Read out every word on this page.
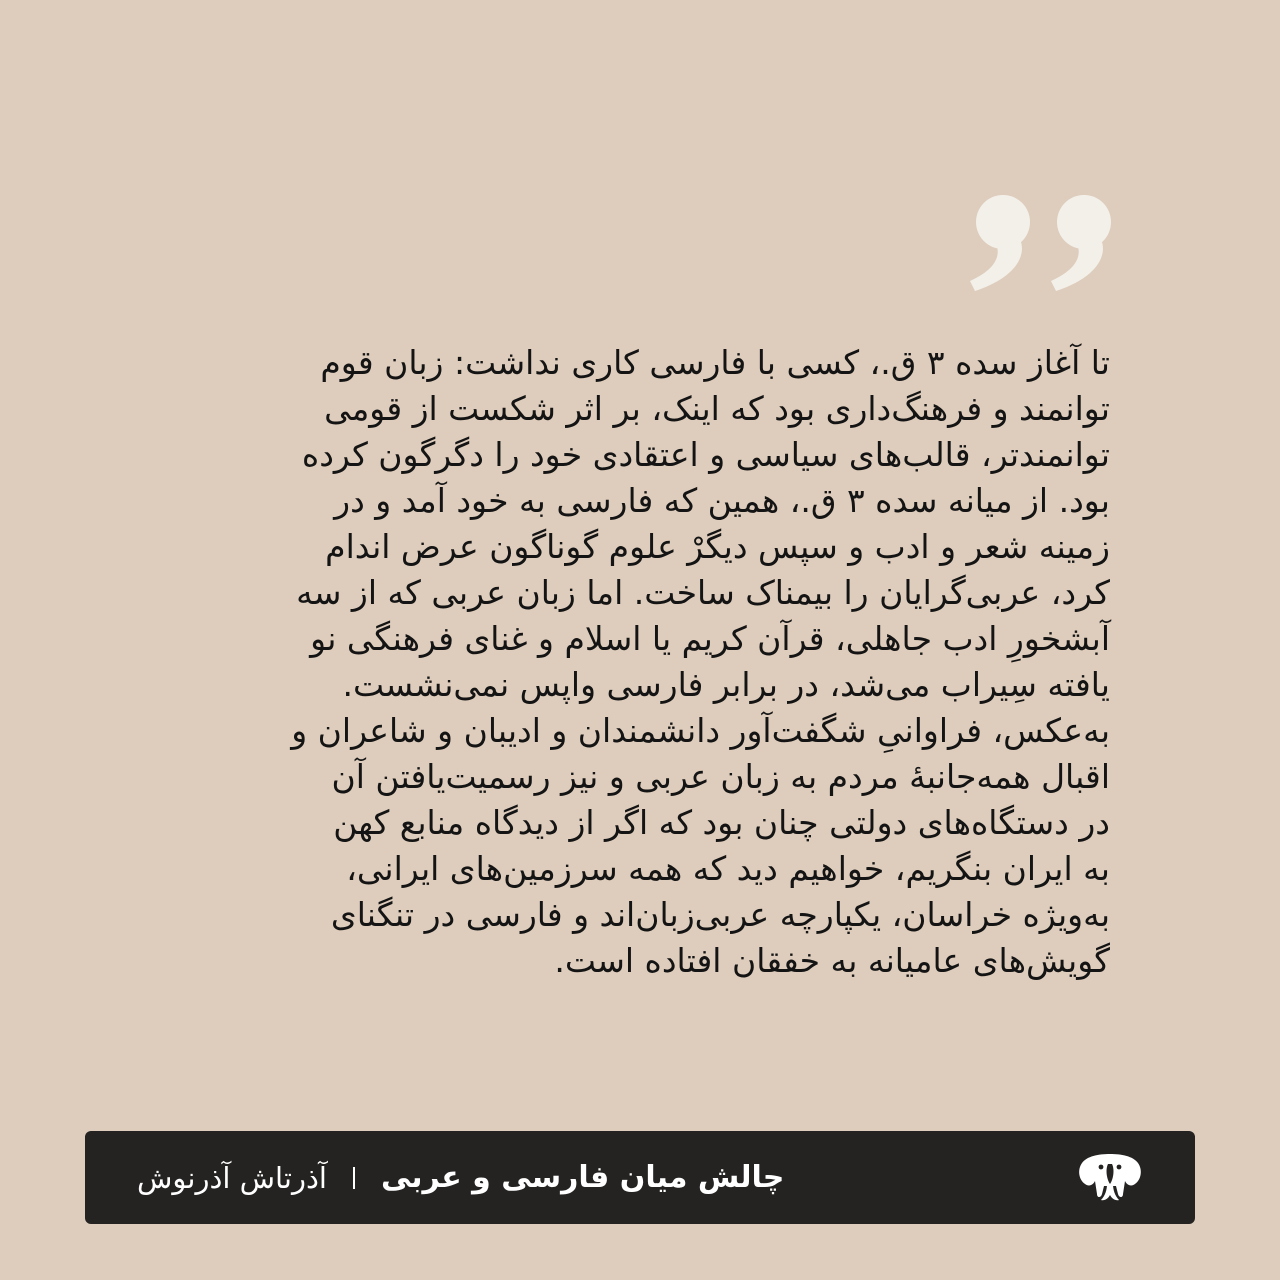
تا آغاز سده ۳ ق.، کسی با فارسی کاری نداشت: زبان قوم
توانمند و فرهنگ‌داری بود که اینک، بر اثر شکست از قومی
توانمندتر، قالب‌های سیاسی و اعتقادی خود را دگرگون کرده
بود. از میانه سده ۳ ق.، همین که فارسی به خود آمد و در
زمینه شعر و ادب و سپس دیگرْ علوم گوناگون عرض اندام
کرد، عربی‌گرایان را بیمناک ساخت. اما زبان عربی که از سه
آبشخورِ ادب جاهلی، قرآن کریم یا اسلام و غنای فرهنگی نو
یافته سِیراب می‌شد، در برابر فارسی واپس نمی‌نشست.
به‌عکس، فراوانیِ شگفت‌آور دانشمندان و ادیبان و شاعران و
اقبال همه‌جانبهٔ مردم به زبان عربی و نیز رسمیت‌یافتن آن
در دستگاه‌های دولتی چنان بود که اگر از دیدگاه منابع کهن
به ایران بنگریم، خواهیم دید که همه سرزمین‌های ایرانی،
به‌ویژه خراسان، یکپارچه عربی‌زبان‌اند و فارسی در تنگنای
گویش‌های عامیانه به خفقان افتاده است.

چالش میان فارسی و عربی
آذرتاش آذرنوش
